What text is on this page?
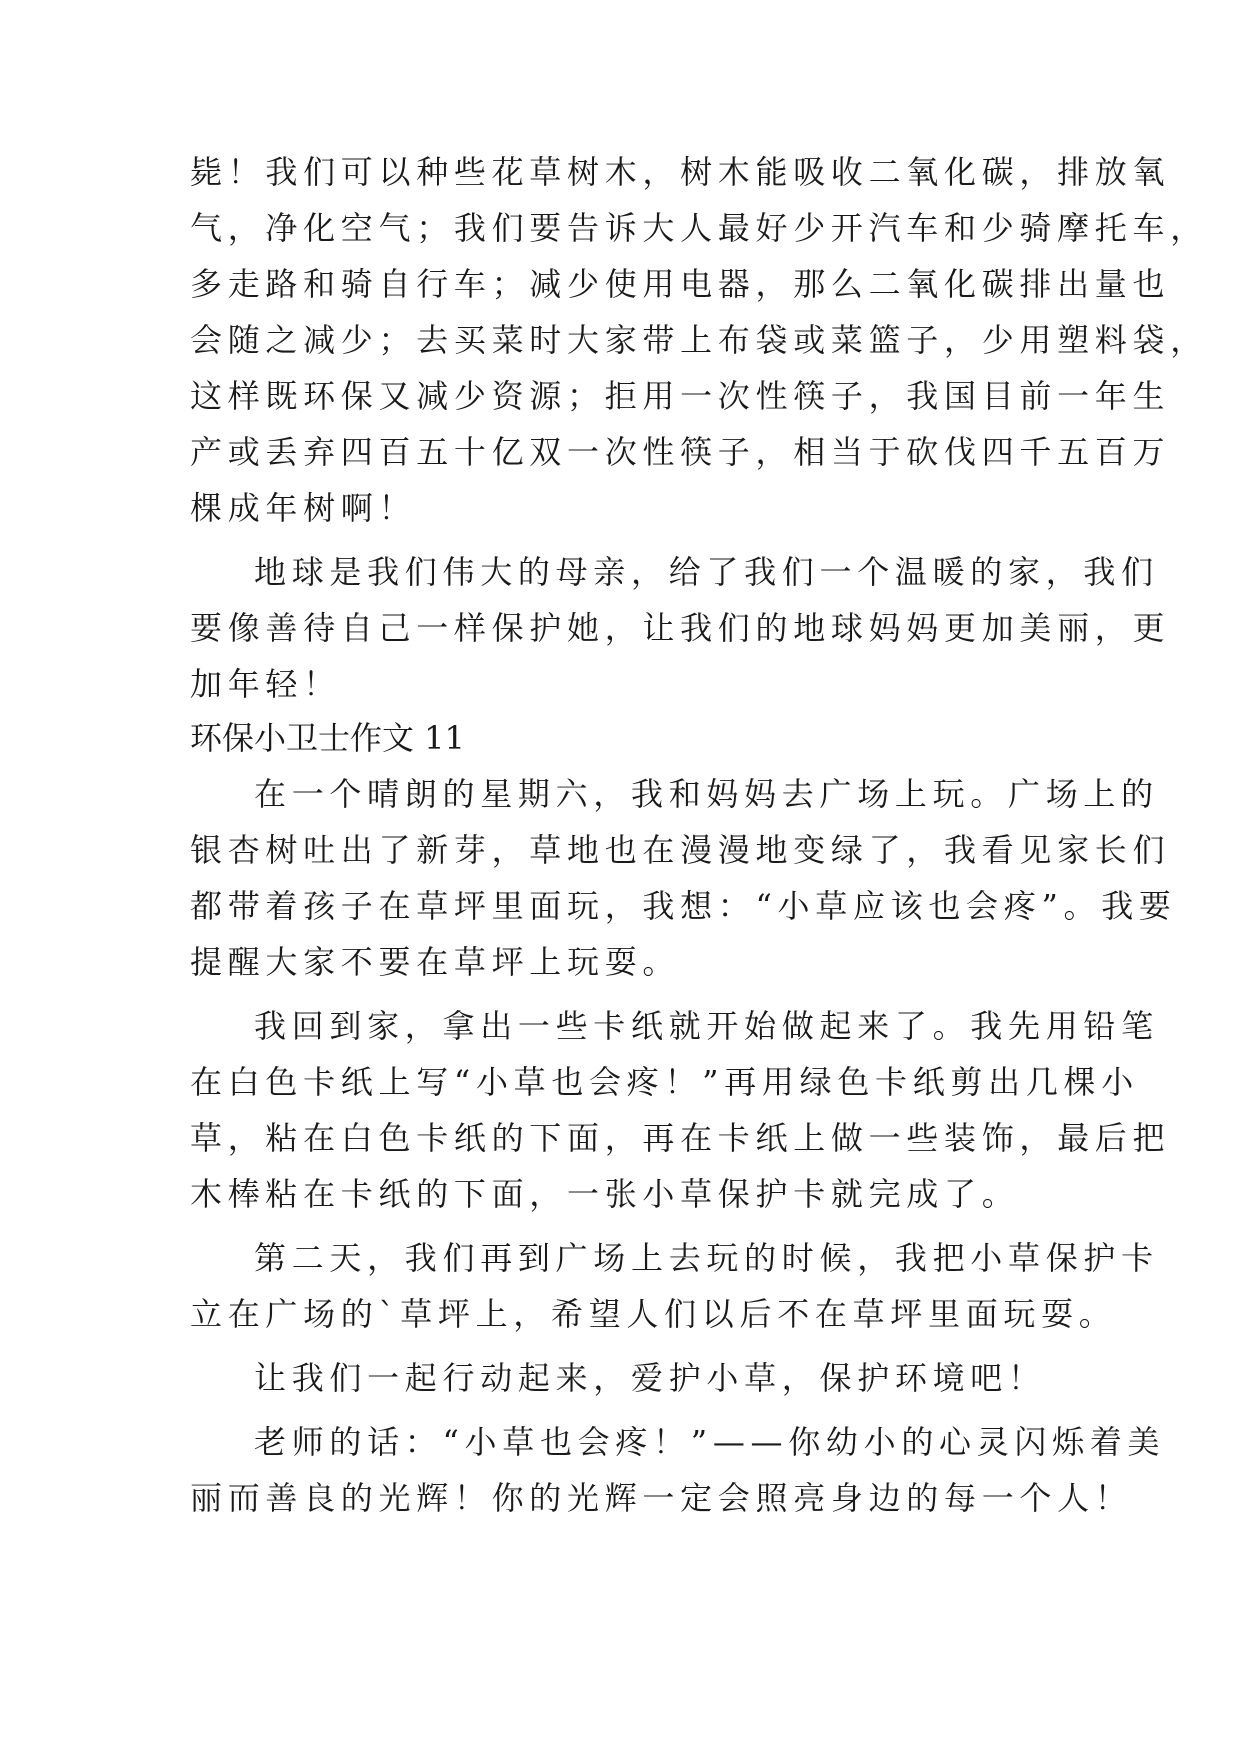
毙！我们可以种些花草树木，树木能吸收二氧化碳，排放氧
气，净化空气；我们要告诉大人最好少开汽车和少骑摩托车，
多走路和骑自行车；减少使用电器，那么二氧化碳排出量也
会随之减少；去买菜时大家带上布袋或菜篮子，少用塑料袋，
这样既环保又减少资源；拒用一次性筷子，我国目前一年生
产或丢弃四百五十亿双一次性筷子，相当于砍伐四千五百万
棵成年树啊！
地球是我们伟大的母亲，给了我们一个温暖的家，我们
要像善待自己一样保护她，让我们的地球妈妈更加美丽，更
加年轻！
环保小卫士作文 11
在一个晴朗的星期六，我和妈妈去广场上玩。广场上的
银杏树吐出了新芽，草地也在漫漫地变绿了，我看见家长们
都带着孩子在草坪里面玩，我想：“小草应该也会疼”。我要
提醒大家不要在草坪上玩耍。
我回到家，拿出一些卡纸就开始做起来了。我先用铅笔
在白色卡纸上写“小草也会疼！”再用绿色卡纸剪出几棵小
草，粘在白色卡纸的下面，再在卡纸上做一些装饰，最后把
木棒粘在卡纸的下面，一张小草保护卡就完成了。
第二天，我们再到广场上去玩的时候，我把小草保护卡
立在广场的`草坪上，希望人们以后不在草坪里面玩耍。
让我们一起行动起来，爱护小草，保护环境吧！
老师的话：“小草也会疼！”——你幼小的心灵闪烁着美
丽而善良的光辉！你的光辉一定会照亮身边的每一个人！
